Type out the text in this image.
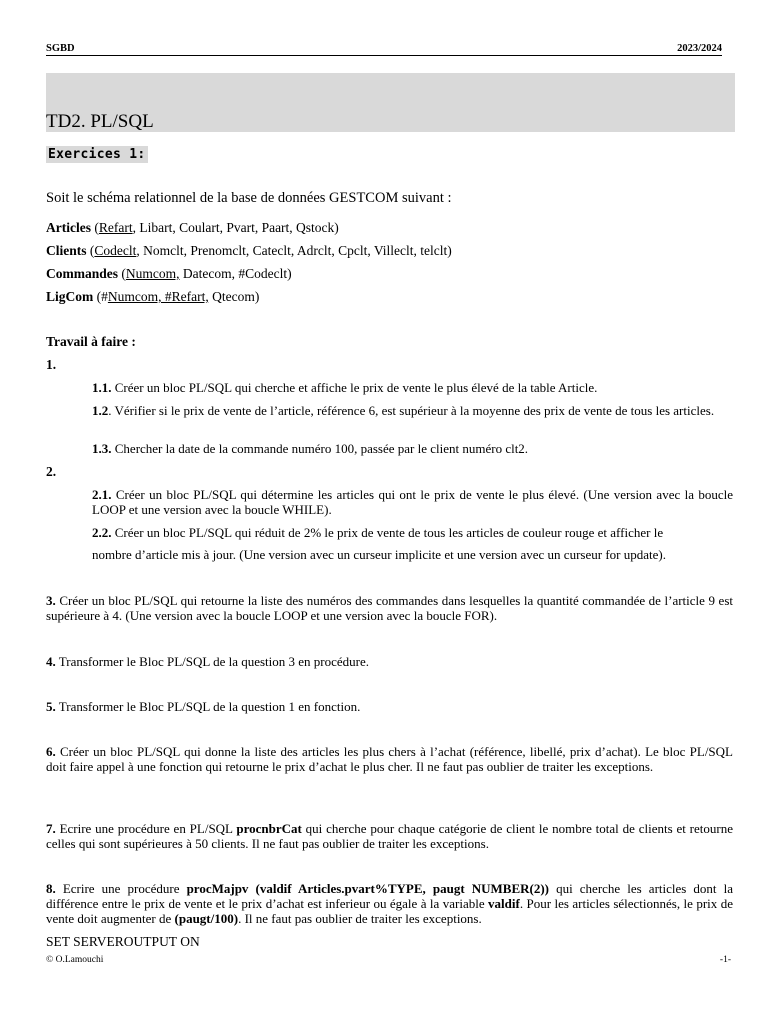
SGBD	2023/2024
TD2. PL/SQL
Exercices 1:
Soit le schéma relationnel de la base de données GESTCOM suivant :
Articles (Refart, Libart, Coulart, Pvart, Paart, Qstock)
Clients (Codeclt, Nomclt, Prenomclt, Cateclt, Adrclt, Cpclt, Villeclt, telclt)
Commandes (Numcom, Datecom, #Codeclt)
LigCom (#Numcom, #Refart, Qtecom)
Travail à faire :
1.
1.1. Créer un bloc PL/SQL qui cherche et affiche le prix de vente le plus élevé de la table Article.
1.2. Vérifier si le prix de vente de l’article, référence 6, est supérieur à la moyenne des prix de vente de tous les articles.
1.3. Chercher la date de la commande numéro 100, passée par le client numéro clt2.
2.
2.1. Créer un bloc PL/SQL qui détermine les articles qui ont le prix de vente le plus élevé. (Une version avec la boucle LOOP et une version avec la boucle WHILE).
2.2. Créer un bloc PL/SQL qui réduit de 2% le prix de vente de tous les articles de couleur rouge et afficher le
nombre d’article mis à jour. (Une version avec un curseur implicite et une version avec un curseur for update).
3. Créer un bloc PL/SQL qui retourne la liste des numéros des commandes dans lesquelles la quantité commandée de l’article 9 est supérieure à 4. (Une version avec la boucle LOOP et une version avec la boucle FOR).
4. Transformer le Bloc PL/SQL de la question 3 en procédure.
5. Transformer le Bloc PL/SQL de la question 1 en fonction.
6. Créer un bloc PL/SQL qui donne la liste des articles les plus chers à l’achat (référence, libellé, prix d’achat). Le bloc PL/SQL doit faire appel à une fonction qui retourne le prix d’achat le plus cher. Il ne faut pas oublier de traiter les exceptions.
7. Ecrire une procédure en PL/SQL procnbrCat qui cherche pour chaque catégorie de client le nombre total de clients et retourne celles qui sont supérieures à 50 clients. Il ne faut pas oublier de traiter les exceptions.
8. Ecrire une procédure procMajpv (valdif Articles.pvart%TYPE, paugt NUMBER(2)) qui cherche les articles dont la différence entre le prix de vente et le prix d’achat est inferieur ou égale à la variable valdif. Pour les articles sélectionnés, le prix de vente doit augmenter de (paugt/100). Il ne faut pas oublier de traiter les exceptions.
SET SERVEROUTPUT ON
© O.Lamouchi	-1-
